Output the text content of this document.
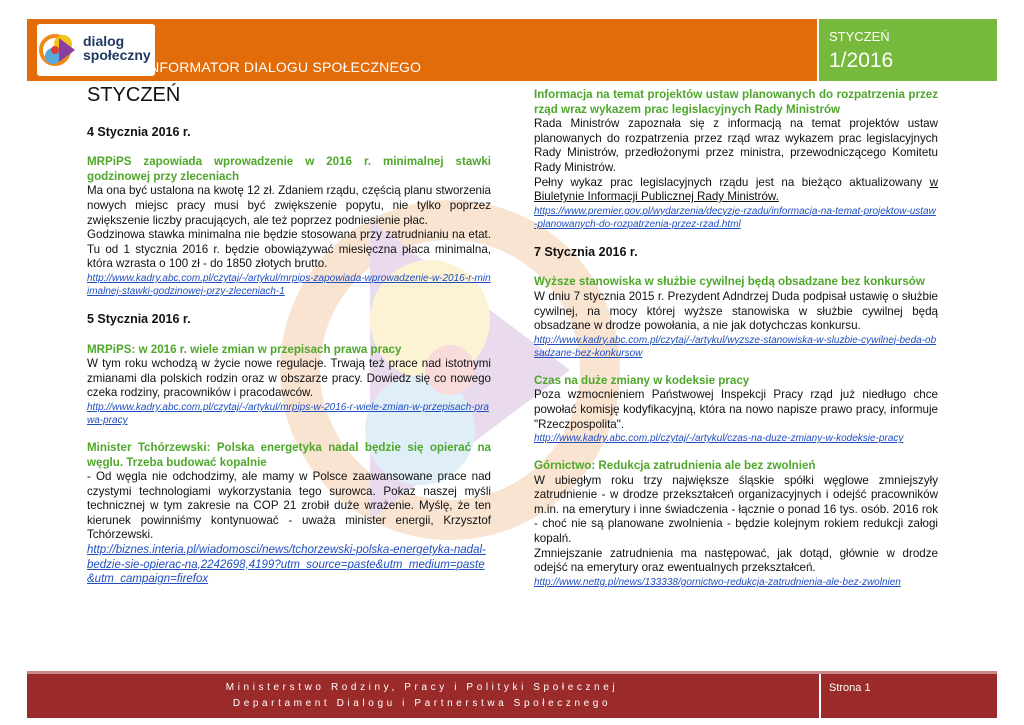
dialog społeczny
INFORMATOR DIALOGU SPOŁECZNEGO
STYCZEŃ
1/2016
STYCZEŃ
4 Stycznia 2016 r.

MRPiPS zapowiada wprowadzenie w 2016 r. minimalnej stawki godzinowej przy zleceniach

Ma ona być ustalona na kwotę 12 zł. Zdaniem rządu, częścią planu stworzenia nowych miejsc pracy musi być zwiększenie popytu, nie tylko poprzez zwiększenie liczby pracujących, ale też poprzez podniesienie płac.

Godzinowa stawka minimalna nie będzie stosowana przy zatrudnianiu na etat. Tu od 1 stycznia 2016 r. będzie obowiązywać miesięczna płaca minimalna, która wzrasta o 100 zł - do 1850 złotych brutto.

http://www.kadry.abc.com.pl/czytaj/-/artykul/mrpips-zapowiada-wprowadzenie-w-2016-r-minimalnej-stawki-godzinowej-przy-zleceniach-1
5 Stycznia 2016 r.

MRPiPS: w 2016 r. wiele zmian w przepisach prawa pracy

W tym roku wchodzą w życie nowe regulacje. Trwają też prace nad istotnymi zmianami dla polskich rodzin oraz w obszarze pracy. Dowiedz się co nowego czeka rodziny, pracowników i pracodawców.

http://www.kadry.abc.com.pl/czytaj/-/artykul/mrpips-w-2016-r-wiele-zmian-w-przepisach-prawa-pracy

Minister Tchórzewski: Polska energetyka nadal będzie się opierać na węglu. Trzeba budować kopalnie

- Od węgla nie odchodzimy, ale mamy w Polsce zaawansowane prace nad czystymi technologiami wykorzystania tego surowca. Pokaz naszej myśli technicznej w tym zakresie na COP 21 zrobił duże wrażenie. Myślę, że ten kierunek powinniśmy kontynuować - uważa minister energii, Krzysztof Tchórzewski.

http://biznes.interia.pl/wiadomosci/news/tchorzewski-polska-energetyka-nadal-bedzie-sie-opierac-na,2242698,4199?utm_source=paste&utm_medium=paste&utm_campaign=firefox

Informacja na temat projektów ustaw planowanych do rozpatrzenia przez rząd wraz wykazem prac legislacyjnych Rady Ministrów

Rada Ministrów zapoznała się z informacją na temat projektów ustaw planowanych do rozpatrzenia przez rząd wraz wykazem prac legislacyjnych Rady Ministrów, przedłożonymi przez ministra, przewodniczącego Komitetu Rady Ministrów.

Pełny wykaz prac legislacyjnych rządu jest na bieżąco aktualizowany w Biuletynie Informacji Publicznej Rady Ministrów.

https://www.premier.gov.pl/wydarzenia/decyzje-rzadu/informacja-na-temat-projektow-ustaw-planowanych-do-rozpatrzenia-przez-rzad.html
7 Stycznia 2016 r.

Wyższe stanowiska w służbie cywilnej będą obsadzane bez konkursów

W dniu 7 stycznia 2015 r. Prezydent Adndrzej Duda podpisał ustawię o służbie cywilnej, na mocy której wyższe stanowiska w służbie cywilnej będą obsadzane w drodze powołania, a nie jak dotychczas konkursu.

http://www.kadry.abc.com.pl/czytaj/-/artykul/wyzsze-stanowiska-w-sluzbie-cywilnej-beda-obsadzane-bez-konkursow

Czas na duże zmiany w kodeksie pracy

Poza wzmocnieniem Państwowej Inspekcji Pracy rząd już niedługo chce powołać komisję kodyfikacyjną, która na nowo napisze prawo pracy, informuje "Rzeczpospolita".

http://www.kadry.abc.com.pl/czytaj/-/artykul/czas-na-duze-zmiany-w-kodeksie-pracy

Górnictwo: Redukcja zatrudnienia ale bez zwolnień

W ubiegłym roku trzy największe śląskie spółki węglowe zmniejszyły zatrudnienie - w drodze przekształceń organizacyjnych i odejść pracowników m.in. na emerytury i inne świadczenia - łącznie o ponad 16 tys. osób. 2016 rok - choć nie są planowane zwolnienia - będzie kolejnym rokiem redukcji załogi kopalń.

Zmniejszanie zatrudnienia ma następować, jak dotąd, głównie w drodze odejść na emerytury oraz ewentualnych przekształceń.

http://www.nettg.pl/news/133338/gornictwo-redukcja-zatrudnienia-ale-bez-zwolnien
Ministerstwo Rodziny, Pracy i Polityki Społecznej
Departament Dialogu i Partnerstwa Społecznego
Strona 1
